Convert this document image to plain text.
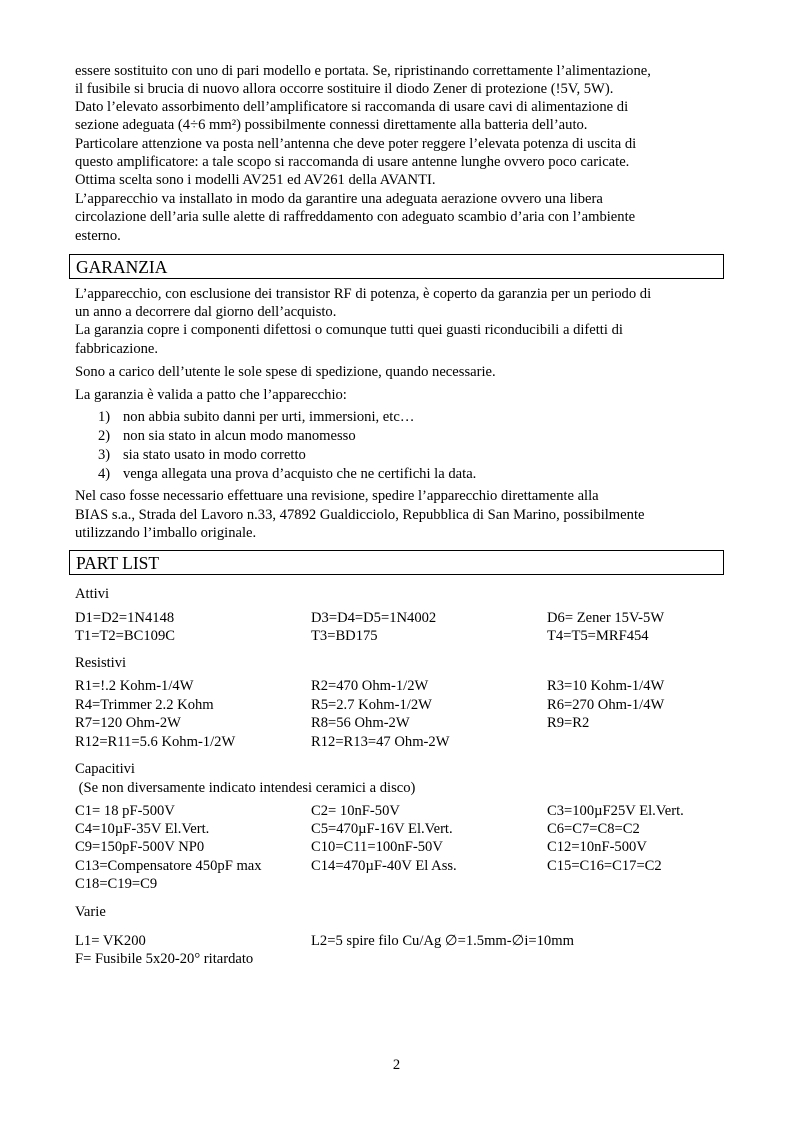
essere sostituito con uno di pari modello e portata. Se, ripristinando correttamente l’alimentazione,
il fusibile si brucia di nuovo allora occorre sostituire il diodo Zener di protezione (!5V, 5W).
Dato l’elevato assorbimento dell’amplificatore si raccomanda di usare cavi di alimentazione di
sezione adeguata (4÷6 mm²) possibilmente connessi direttamente alla batteria dell’auto.
Particolare attenzione va posta nell’antenna che deve poter reggere l’elevata potenza di uscita di
questo amplificatore: a tale scopo si raccomanda di usare antenne lunghe ovvero poco caricate.
Ottima scelta sono i modelli AV251 ed AV261 della AVANTI.
L’apparecchio va installato in modo da garantire una adeguata aerazione ovvero una libera
circolazione dell’aria sulle alette di raffreddamento con adeguato scambio d’aria con l’ambiente
esterno.
GARANZIA
L’apparecchio, con esclusione dei transistor RF di potenza, è coperto da garanzia per un periodo di
un anno a decorrere dal giorno dell’acquisto.
La garanzia copre i componenti difettosi o comunque tutti quei guasti riconducibili a difetti di
fabbricazione.
Sono a carico dell’utente le sole spese di spedizione, quando necessarie.
La garanzia è valida a patto che l’apparecchio:
1) non abbia subito danni per urti, immersioni, etc…
2) non sia stato in alcun modo manomesso
3) sia stato usato in modo corretto
4) venga allegata una prova d’acquisto che ne certifichi la data.
Nel caso fosse necessario effettuare una revisione, spedire l’apparecchio direttamente alla
BIAS s.a., Strada del Lavoro n.33, 47892 Gualdicciolo, Repubblica di San Marino, possibilmente
utilizzando l’imballo originale.
PART LIST
Attivi
D1=D2=1N4148	D3=D4=D5=1N4002	D6= Zener 15V-5W
T1=T2=BC109C	T3=BD175	T4=T5=MRF454
Resistivi
R1=!.2 Kohm-1/4W	R2=470 Ohm-1/2W	R3=10 Kohm-1/4W
R4=Trimmer 2.2 Kohm	R5=2.7 Kohm-1/2W	R6=270 Ohm-1/4W
R7=120 Ohm-2W	R8=56 Ohm-2W	R9=R2
R12=R11=5.6 Kohm-1/2W	R12=R13=47 Ohm-2W
Capacitivi
(Se non diversamente indicato intendesi ceramici a disco)
C1= 18 pF-500V	C2= 10nF-50V	C3=100µF25V El.Vert.
C4=10µF-35V El.Vert.	C5=470µF-16V El.Vert.	C6=C7=C8=C2
C9=150pF-500V NP0	C10=C11=100nF-50V	C12=10nF-500V
C13=Compensatore 450pF max	C14=470µF-40V El Ass.	C15=C16=C17=C2
C18=C19=C9
Varie
L1= VK200	L2=5 spire filo Cu/Ag ∅=1.5mm-∅i=10mm
F= Fusibile 5x20-20° ritardato
2
